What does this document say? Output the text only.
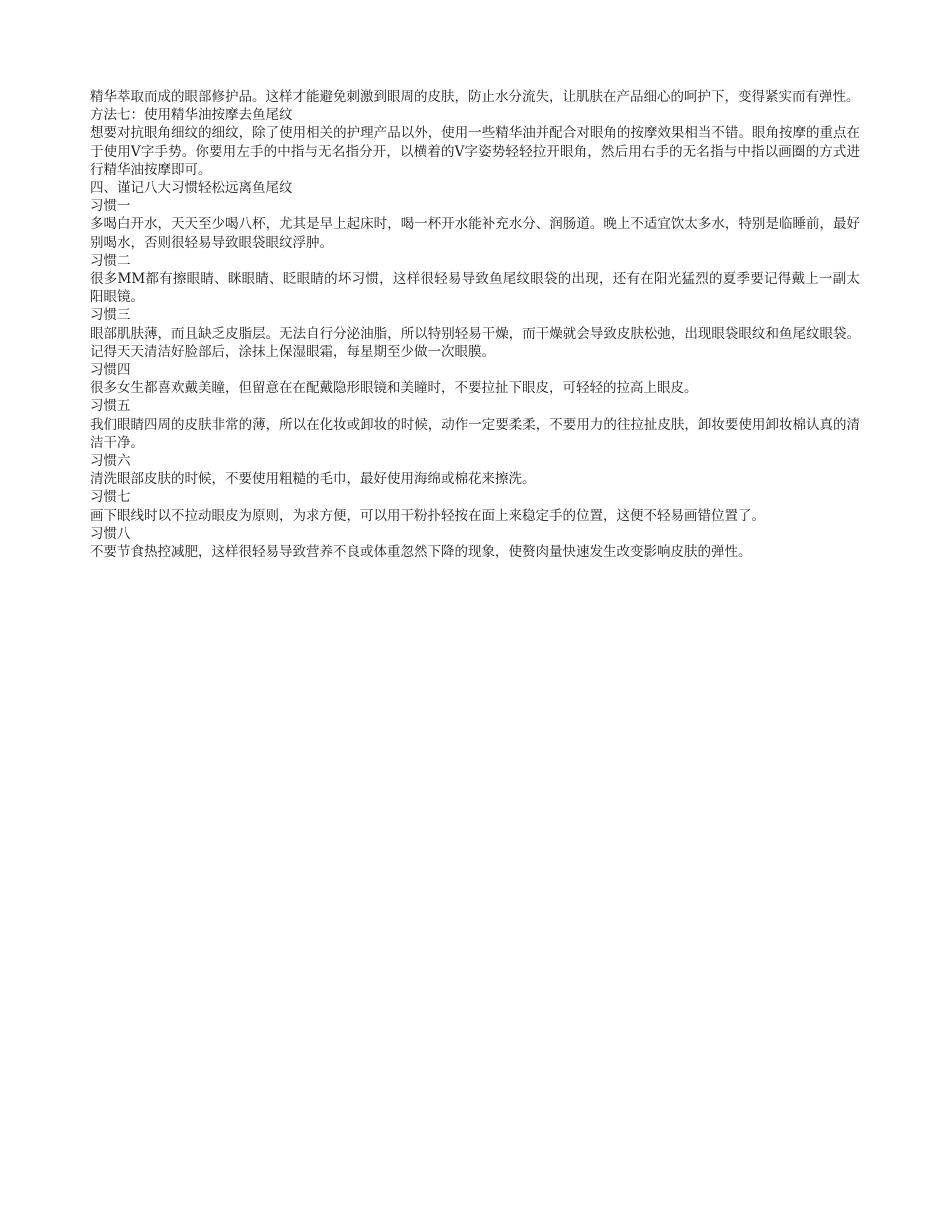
精华萃取而成的眼部修护品。这样才能避免刺激到眼周的皮肤，防止水分流失，让肌肤在产品细心的呵护下，变得紧实而有弹性。

方法七：使用精华油按摩去鱼尾纹

想要对抗眼角细纹的细纹，除了使用相关的护理产品以外，使用一些精华油并配合对眼角的按摩效果相当不错。眼角按摩的重点在于使用V字手势。你要用左手的中指与无名指分开，以横着的V字姿势轻轻拉开眼角，然后用右手的无名指与中指以画圈的方式进行精华油按摩即可。

四、谨记八大习惯轻松远离鱼尾纹

习惯一

多喝白开水，天天至少喝八杯，尤其是早上起床时，喝一杯开水能补充水分、润肠道。晚上不适宜饮太多水，特别是临睡前，最好别喝水，否则很轻易导致眼袋眼纹浮肿。

习惯二

很多MM都有擦眼睛、眯眼睛、眨眼睛的坏习惯，这样很轻易导致鱼尾纹眼袋的出现，还有在阳光猛烈的夏季要记得戴上一副太阳眼镜。

习惯三

眼部肌肤薄，而且缺乏皮脂层。无法自行分泌油脂，所以特别轻易干燥，而干燥就会导致皮肤松弛，出现眼袋眼纹和鱼尾纹眼袋。记得天天清洁好脸部后，涂抹上保湿眼霜，每星期至少做一次眼膜。

习惯四

很多女生都喜欢戴美瞳，但留意在在配戴隐形眼镜和美瞳时，不要拉扯下眼皮，可轻轻的拉高上眼皮。

习惯五

我们眼睛四周的皮肤非常的薄，所以在化妆或卸妆的时候，动作一定要柔柔，不要用力的往拉扯皮肤，卸妆要使用卸妆棉认真的清洁干净。

习惯六

清洗眼部皮肤的时候，不要使用粗糙的毛巾，最好使用海绵或棉花来擦洗。

习惯七

画下眼线时以不拉动眼皮为原则，为求方便，可以用干粉扑轻按在面上来稳定手的位置，这便不轻易画错位置了。

习惯八

不要节食热控减肥，这样很轻易导致营养不良或体重忽然下降的现象，使赘肉量快速发生改变影响皮肤的弹性。
